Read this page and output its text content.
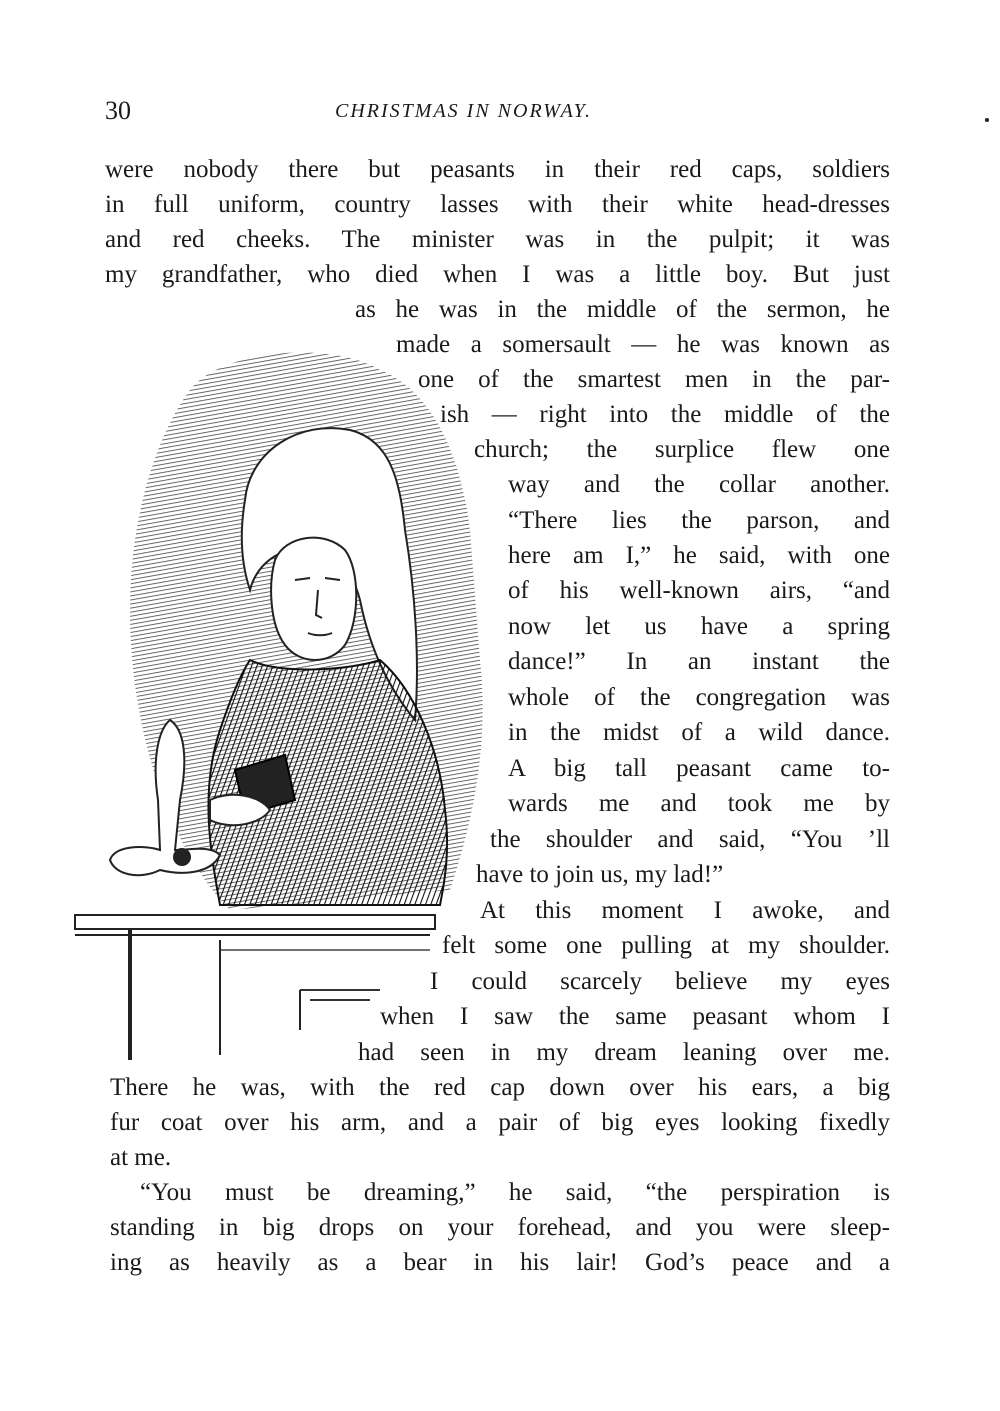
30	CHRISTMAS IN NORWAY.
were nobody there but peasants in their red caps, soldiers
in full uniform, country lasses with their white head-dresses
and red cheeks. The minister was in the pulpit; it was
my grandfather, who died when I was a little boy. But just
as he was in the middle of the sermon, he
made a somersault — he was known as
one of the smartest men in the par-
ish — right into the middle of the
church; the surplice flew one
way and the collar another.
“There lies the parson, and
here am I,” he said, with one
of his well-known airs, “and
now let us have a spring
dance!” In an instant the
whole of the congregation was
in the midst of a wild dance.
A big tall peasant came to-
wards me and took me by
the shoulder and said, “You ’ll
have to join us, my lad!”
At this moment I awoke, and
felt some one pulling at my shoulder.
I could scarcely believe my eyes
when I saw the same peasant whom I
had seen in my dream leaning over me.
There he was, with the red cap down over his ears, a big
fur coat over his arm, and a pair of big eyes looking fixedly
at me.
“You must be dreaming,” he said, “the perspiration is
standing in big drops on your forehead, and you were sleep-
ing as heavily as a bear in his lair! God’s peace and a
